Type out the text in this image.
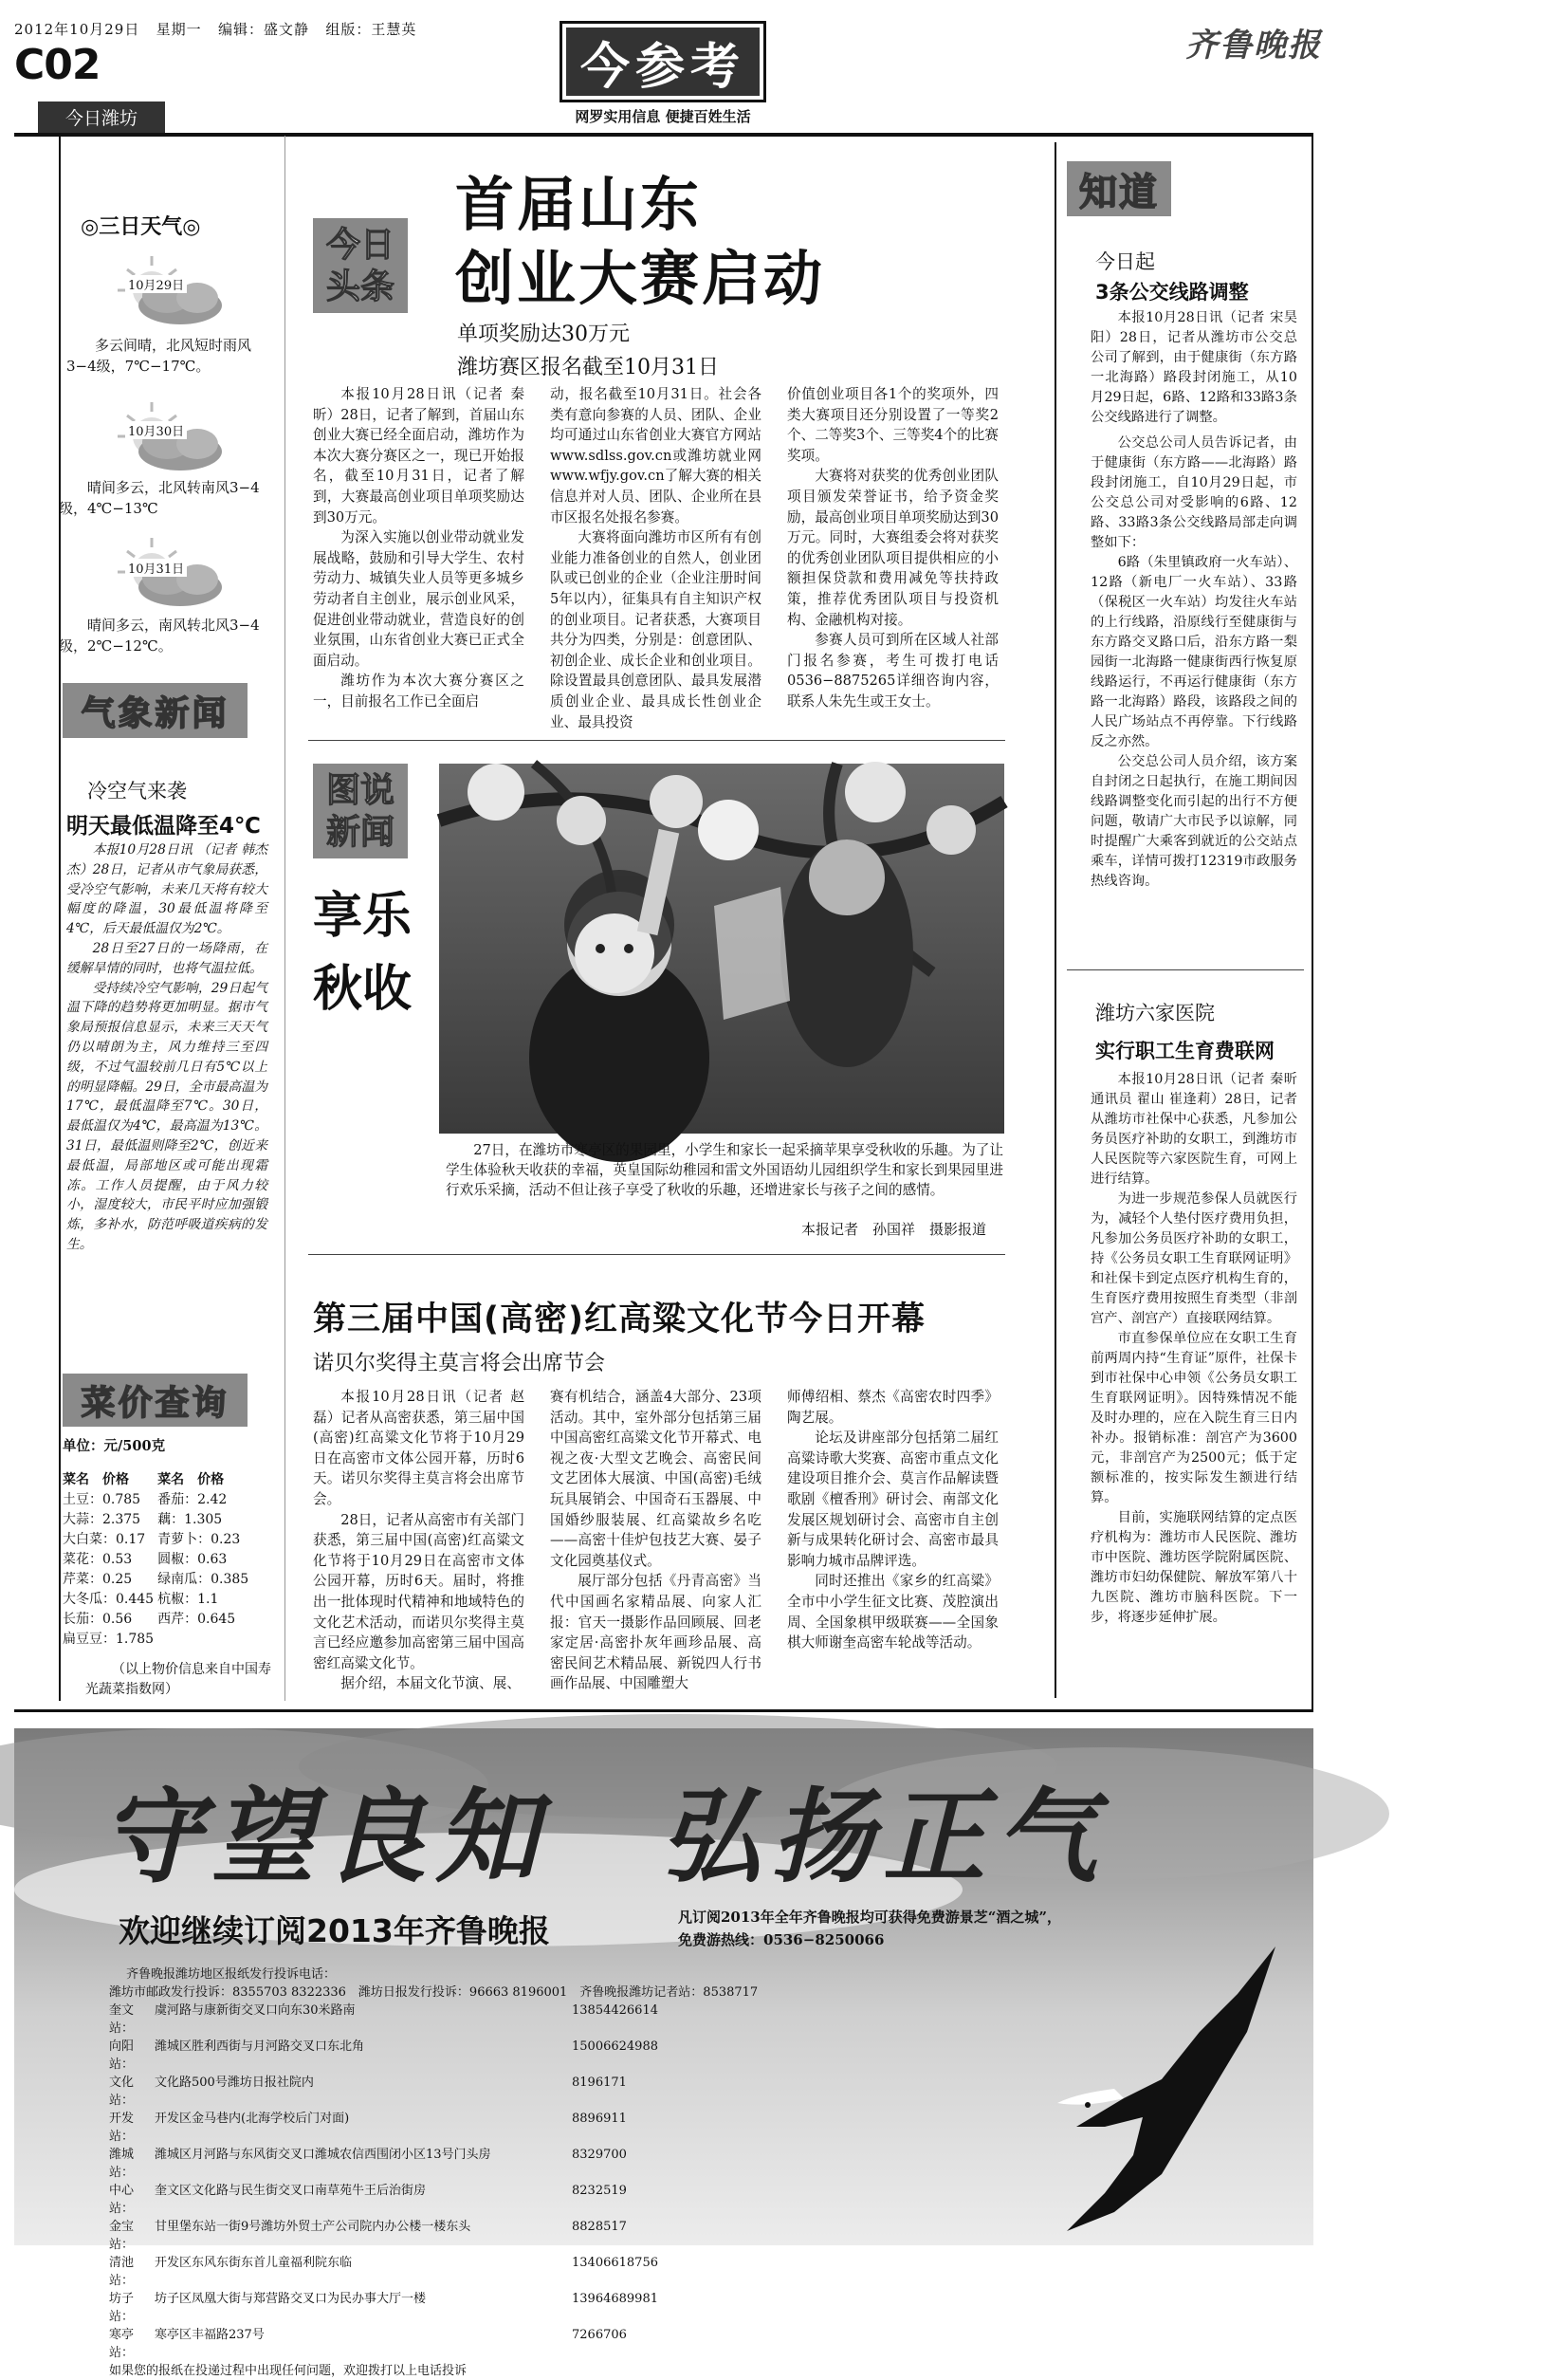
2012年10月29日 星期一 编辑：盛文静 组版：王慧英
C02
今日潍坊
今参考
网罗实用信息 便捷百姓生活
齐鲁晚报
◎三日天气◎
10月29日
多云间晴，北风短时雨风3−4级，7℃−17℃。
10月30日
晴间多云，北风转南风3−4级，4℃−13℃
10月31日
晴间多云，南风转北风3−4级，2℃−12℃。
气象新闻
冷空气来袭
明天最低温降至4℃

本报10月28日讯 （记者 韩杰杰）28日，记者从市气象局获悉，受冷空气影响，未来几天将有较大幅度的降温，30最低温将降至4℃，后天最低温仅为2℃。

28日至27日的一场降雨，在缓解旱情的同时，也将气温拉低。

受持续冷空气影响，29日起气温下降的趋势将更加明显。据市气象局预报信息显示，未来三天天气仍以晴朗为主，风力维持三至四级，不过气温较前几日有5℃以上的明显降幅。29日，全市最高温为17℃，最低温降至7℃。30日，最低温仅为4℃，最高温为13℃。31日，最低温则降至2℃，创近来最低温，局部地区或可能出现霜冻。工作人员提醒，由于风力较小，湿度较大，市民平时应加强锻炼，多补水，防范呼吸道疾病的发生。

菜价查询
单位：元/500克
菜名	价格	菜名	价格
土豆：0.785		番茄：2.42	
大蒜：2.375		藕：1.305	
大白菜：0.17		青萝卜：0.23	
菜花：0.53		圆椒：0.63	
芹菜：0.25		绿南瓜：0.385	
大冬瓜：0.445		杭椒：1.1	
长茄：0.56		西芹：0.645	
扁豆豆：1.785			
（以上物价信息来自中国寿光蔬菜指数网）
今日头条
首届山东
创业大赛启动
单项奖励达30万元
潍坊赛区报名截至10月31日

本报10月28日讯（记者 秦昕）28日，记者了解到，首届山东创业大赛已经全面启动，潍坊作为本次大赛分赛区之一，现已开始报名，截至10月31日，记者了解到，大赛最高创业项目单项奖励达到30万元。

为深入实施以创业带动就业发展战略，鼓励和引导大学生、农村劳动力、城镇失业人员等更多城乡劳动者自主创业，展示创业风采，促进创业带动就业，营造良好的创业氛围，山东省创业大赛已正式全面启动。

潍坊作为本次大赛分赛区之一，目前报名工作已全面启

动，报名截至10月31日。社会各类有意向参赛的人员、团队、企业均可通过山东省创业大赛官方网站www.sdlss.gov.cn或潍坊就业网www.wfjy.gov.cn了解大赛的相关信息并对人员、团队、企业所在县市区报名处报名参赛。

大赛将面向潍坊市区所有有创业能力准备创业的自然人，创业团队或已创业的企业（企业注册时间5年以内），征集具有自主知识产权的创业项目。记者获悉，大赛项目共分为四类，分别是：创意团队、初创企业、成长企业和创业项目。除设置最具创意团队、最具发展潜质创业企业、最具成长性创业企业、最具投资

价值创业项目各1个的奖项外，四类大赛项目还分别设置了一等奖2个、二等奖3个、三等奖4个的比赛奖项。

大赛将对获奖的优秀创业团队项目颁发荣誉证书，给予资金奖励，最高创业项目单项奖励达到30万元。同时，大赛组委会将对获奖的优秀创业团队项目提供相应的小额担保贷款和费用减免等扶持政策，推荐优秀团队项目与投资机构、金融机构对接。

参赛人员可到所在区域人社部门报名参赛，考生可拨打电话0536−8875265详细咨询内容，联系人朱先生或王女士。

图说新闻
享乐
秋收
27日，在潍坊市寒亭区的果园里，小学生和家长一起采摘苹果享受秋收的乐趣。为了让学生体验秋天收获的幸福，英皇国际幼稚园和雷文外国语幼儿园组织学生和家长到果园里进行欢乐采摘，活动不但让孩子享受了秋收的乐趣，还增进家长与孩子之间的感情。
本报记者　孙国祥　摄影报道
第三届中国(高密)红高粱文化节今日开幕
诺贝尔奖得主莫言将会出席节会

本报10月28日讯（记者 赵磊）记者从高密获悉，第三届中国(高密)红高粱文化节将于10月29日在高密市文体公园开幕，历时6天。诺贝尔奖得主莫言将会出席节会。

28日，记者从高密市有关部门获悉，第三届中国(高密)红高粱文化节将于10月29日在高密市文体公园开幕，历时6天。届时，将推出一批体现时代精神和地域特色的文化艺术活动，而诺贝尔奖得主莫言已经应邀参加高密第三届中国高密红高粱文化节。

据介绍，本届文化节演、展、

赛有机结合，涵盖4大部分、23项活动。其中，室外部分包括第三届中国高密红高粱文化节开幕式、电视之夜·大型文艺晚会、高密民间文艺团体大展演、中国(高密)毛绒玩具展销会、中国奇石玉器展、中国婚纱服装展、红高粱故乡名吃——高密十佳炉包技艺大赛、晏子文化园奠基仪式。

展厅部分包括《丹青高密》当代中国画名家精品展、向家人汇报：官天一摄影作品回顾展、回老家定居·高密扑灰年画珍品展、高密民间艺术精品展、新锐四人行书画作品展、中国雕塑大

师傅绍相、蔡杰《高密农时四季》陶艺展。

论坛及讲座部分包括第二届红高粱诗歌大奖赛、高密市重点文化建设项目推介会、莫言作品解读暨歌剧《檀香刑》研讨会、南部文化发展区规划研讨会、高密市自主创新与成果转化研讨会、高密市最具影响力城市品牌评选。

同时还推出《家乡的红高粱》全市中小学生征文比赛、茂腔演出周、全国象棋甲级联赛——全国象棋大师谢奎高密车轮战等活动。

知道
今日起
3条公交线路调整

本报10月28日讯（记者 宋昊阳）28日，记者从潍坊市公交总公司了解到，由于健康街（东方路一北海路）路段封闭施工，从10月29日起，6路、12路和33路3条公交线路进行了调整。

公交总公司人员告诉记者，由于健康街（东方路——北海路）路段封闭施工，自10月29日起，市公交总公司对受影响的6路、12路、33路3条公交线路局部走向调整如下：

6路（朱里镇政府一火车站）、12路（新电厂一火车站）、33路（保税区一火车站）均发往火车站的上行线路，沿原线行至健康街与东方路交叉路口后，沿东方路一梨园街一北海路一健康街西行恢复原线路运行，不再运行健康街（东方路一北海路）路段，该路段之间的人民广场站点不再停靠。下行线路反之亦然。

公交总公司人员介绍，该方案自封闭之日起执行，在施工期间因线路调整变化而引起的出行不方便问题，敬请广大市民予以谅解，同时提醒广大乘客到就近的公交站点乘车，详情可拨打12319市政服务热线咨询。

潍坊六家医院
实行职工生育费联网

本报10月28日讯（记者 秦昕 通讯员 翟山 崔逢莉）28日，记者从潍坊市社保中心获悉，凡参加公务员医疗补助的女职工，到潍坊市人民医院等六家医院生育，可网上进行结算。

为进一步规范参保人员就医行为，减轻个人垫付医疗费用负担，凡参加公务员医疗补助的女职工，持《公务员女职工生育联网证明》和社保卡到定点医疗机构生育的，生育医疗费用按照生育类型（非剖宫产、剖宫产）直接联网结算。

市直参保单位应在女职工生育前两周内持“生育证”原件，社保卡到市社保中心申领《公务员女职工生育联网证明》。因特殊情况不能及时办理的，应在入院生育三日内补办。报销标准：剖宫产为3600元，非剖宫产为2500元；低于定额标准的，按实际发生额进行结算。

目前，实施联网结算的定点医疗机构为：潍坊市人民医院、潍坊市中医院、潍坊医学院附属医院、潍坊市妇幼保健院、解放军第八十九医院、潍坊市脑科医院。下一步，将逐步延伸扩展。

守望良知　弘扬正气
欢迎继续订阅2013年齐鲁晚报	凡订阅2013年全年齐鲁晚报均可获得免费游景芝“酒之城”，
免费游热线：0536−8250066
齐鲁晚报潍坊地区报纸发行投诉电话：
潍坊市邮政发行投诉：8355703 8322336　潍坊日报发行投诉：96663 8196001　齐鲁晚报潍坊记者站：8538717
奎文站：
虞河路与康新街交叉口向东30米路南	13854426614
向阳站：
潍城区胜利西街与月河路交叉口东北角	15006624988
文化站：
文化路500号潍坊日报社院内	8196171
开发站：
开发区金马巷内(北海学校后门对面)	8896911
潍城站：
潍城区月河路与东风街交叉口潍城农信西围闭小区13号门头房	8329700
中心站：
奎文区文化路与民生街交叉口南草苑牛王后治街房	8232519
金宝站：
甘里堡东站一街9号潍坊外贸土产公司院内办公楼一楼东头	8828517
清池站：
开发区东风东街东首儿童福利院东临	13406618756
坊子站：
坊子区凤凰大街与郑营路交叉口为民办事大厅一楼	13964689981
寒亭站：
寒亭区丰福路237号	7266706
如果您的报纸在投递过程中出现任何问题，欢迎拨打以上电话投诉
